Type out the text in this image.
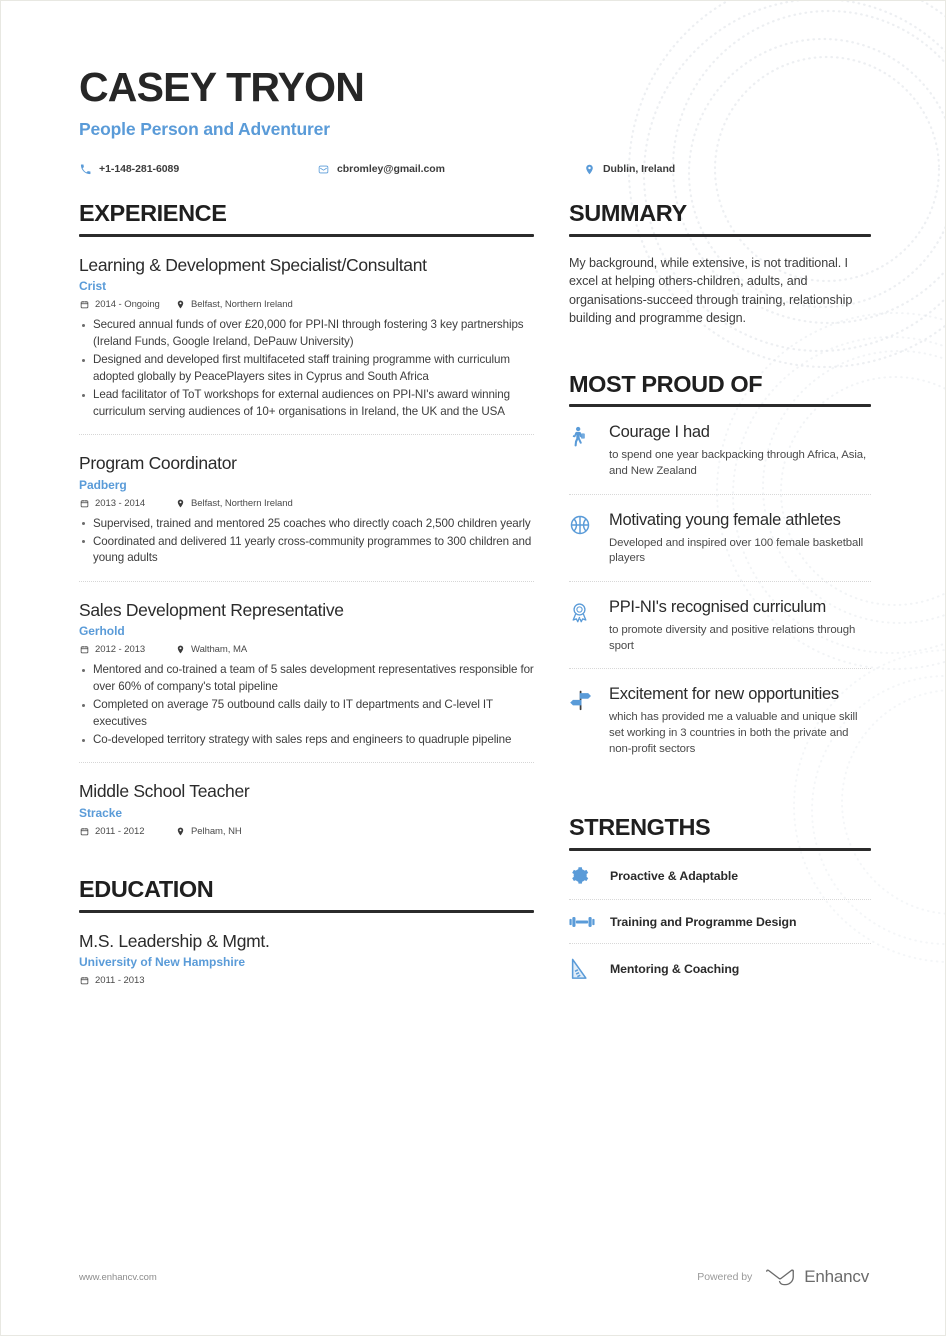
CASEY TRYON
People Person and Adventurer
+1-148-281-6089	cbromley@gmail.com	Dublin, Ireland
EXPERIENCE
Learning & Development Specialist/Consultant
Crist
2014 - Ongoing	Belfast, Northern Ireland
Secured annual funds of over £20,000 for PPI-NI through fostering 3 key partnerships (Ireland Funds, Google Ireland, DePauw University)
Designed and developed first multifaceted staff training programme with curriculum adopted globally by PeacePlayers sites in Cyprus and South Africa
Lead facilitator of ToT workshops for external audiences on PPI-NI's award winning curriculum serving audiences of 10+ organisations in Ireland, the UK and the USA
Program Coordinator
Padberg
2013 - 2014	Belfast, Northern Ireland
Supervised, trained and mentored 25 coaches who directly coach 2,500 children yearly
Coordinated and delivered 11 yearly cross-community programmes to 300 children and young adults
Sales Development Representative
Gerhold
2012 - 2013	Waltham, MA
Mentored and co-trained a team of 5 sales development representatives responsible for over 60% of company's total pipeline
Completed on average 75 outbound calls daily to IT departments and C-level IT executives
Co-developed territory strategy with sales reps and engineers to quadruple pipeline
Middle School Teacher
Stracke
2011 - 2012	Pelham, NH
EDUCATION
M.S. Leadership & Mgmt.
University of New Hampshire
2011 - 2013
SUMMARY

My background, while extensive, is not traditional. I excel at helping others-children, adults, and organisations-succeed through training, relationship building and programme design.

MOST PROUD OF
Courage I had
to spend one year backpacking through Africa, Asia, and New Zealand
Motivating young female athletes
Developed and inspired over 100 female basketball players
PPI-NI's recognised curriculum
to promote diversity and positive relations through sport
Excitement for new opportunities
which has provided me a valuable and unique skill set working in 3 countries in both the private and non-profit sectors
STRENGTHS
Proactive & Adaptable
Training and Programme Design
Mentoring & Coaching
www.enhancv.com	Powered by	Enhancv
